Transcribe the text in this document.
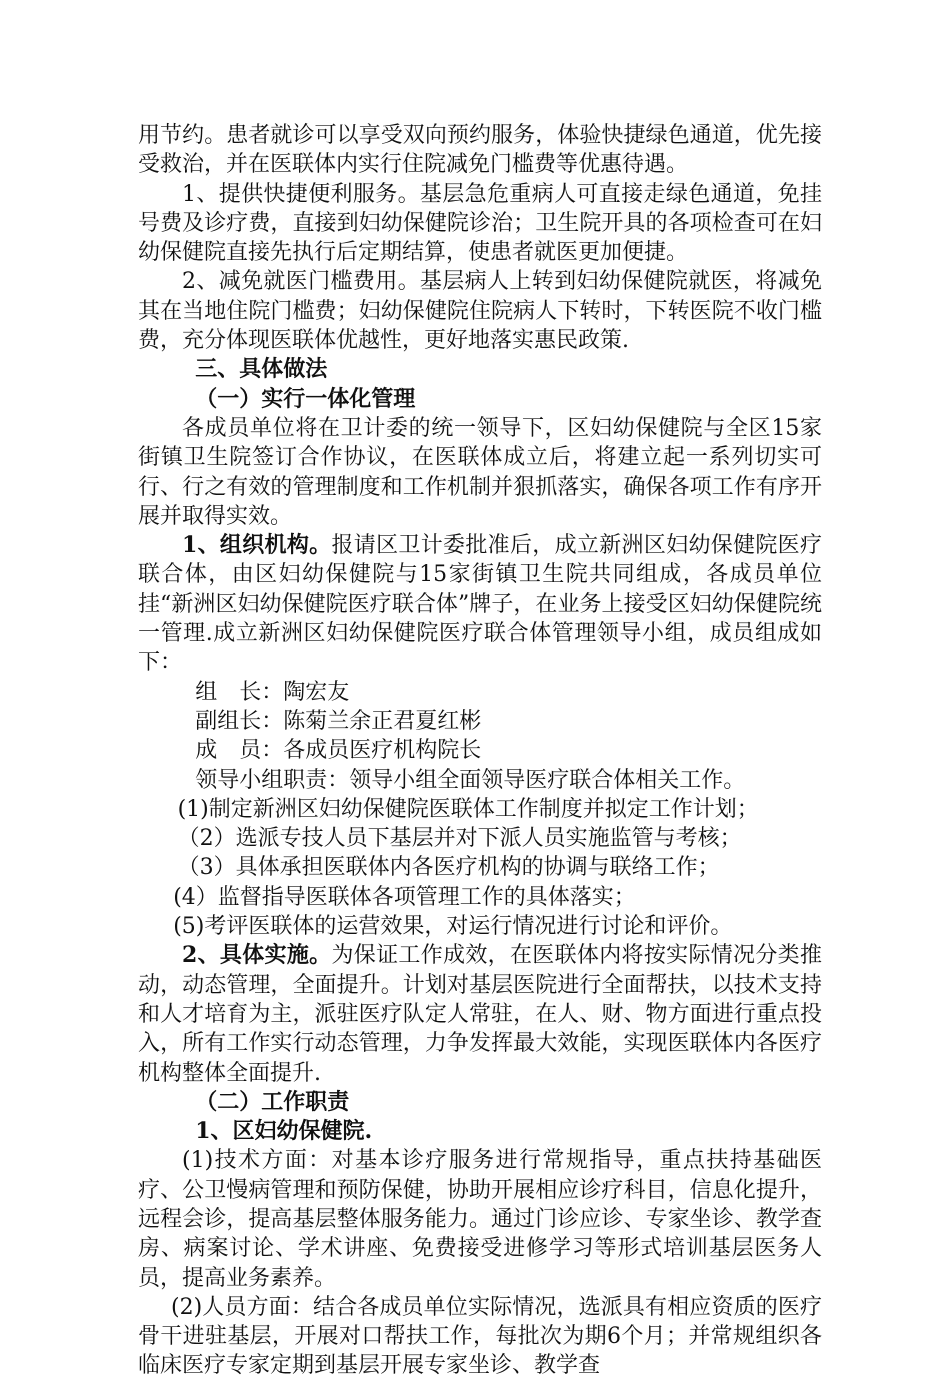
用节约。患者就诊可以享受双向预约服务，体验快捷绿色通道，优先接受救治，并在医联体内实行住院减免门槛费等优惠待遇。

1、提供快捷便利服务。基层急危重病人可直接走绿色通道，免挂号费及诊疗费，直接到妇幼保健院诊治；卫生院开具的各项检查可在妇幼保健院直接先执行后定期结算，使患者就医更加便捷。

2、减免就医门槛费用。基层病人上转到妇幼保健院就医，将减免其在当地住院门槛费；妇幼保健院住院病人下转时，下转医院不收门槛费，充分体现医联体优越性，更好地落实惠民政策.

三、具体做法

（一）实行一体化管理

各成员单位将在卫计委的统一领导下，区妇幼保健院与全区15家街镇卫生院签订合作协议，在医联体成立后，将建立起一系列切实可行、行之有效的管理制度和工作机制并狠抓落实，确保各项工作有序开展并取得实效。

1、组织机构。报请区卫计委批准后，成立新洲区妇幼保健院医疗联合体，由区妇幼保健院与15家街镇卫生院共同组成，各成员单位挂“新洲区妇幼保健院医疗联合体”牌子，在业务上接受区妇幼保健院统一管理.成立新洲区妇幼保健院医疗联合体管理领导小组，成员组成如下：

组　长：陶宏友

副组长：陈菊兰余正君夏红彬

成　员：各成员医疗机构院长

领导小组职责：领导小组全面领导医疗联合体相关工作。

(1)制定新洲区妇幼保健院医联体工作制度并拟定工作计划；

（2）选派专技人员下基层并对下派人员实施监管与考核；

（3）具体承担医联体内各医疗机构的协调与联络工作；

(4）监督指导医联体各项管理工作的具体落实；

(5)考评医联体的运营效果，对运行情况进行讨论和评价。

2、具体实施。为保证工作成效，在医联体内将按实际情况分类推动，动态管理，全面提升。计划对基层医院进行全面帮扶，以技术支持和人才培育为主，派驻医疗队定人常驻，在人、财、物方面进行重点投入，所有工作实行动态管理，力争发挥最大效能，实现医联体内各医疗机构整体全面提升.

（二）工作职责

1、区妇幼保健院.

(1)技术方面：对基本诊疗服务进行常规指导，重点扶持基础医疗、公卫慢病管理和预防保健，协助开展相应诊疗科目，信息化提升，远程会诊，提高基层整体服务能力。通过门诊应诊、专家坐诊、教学查房、病案讨论、学术讲座、免费接受进修学习等形式培训基层医务人员，提高业务素养。

(2)人员方面：结合各成员单位实际情况，选派具有相应资质的医疗骨干进驻基层，开展对口帮扶工作，每批次为期6个月；并常规组织各临床医疗专家定期到基层开展专家坐诊、教学查
